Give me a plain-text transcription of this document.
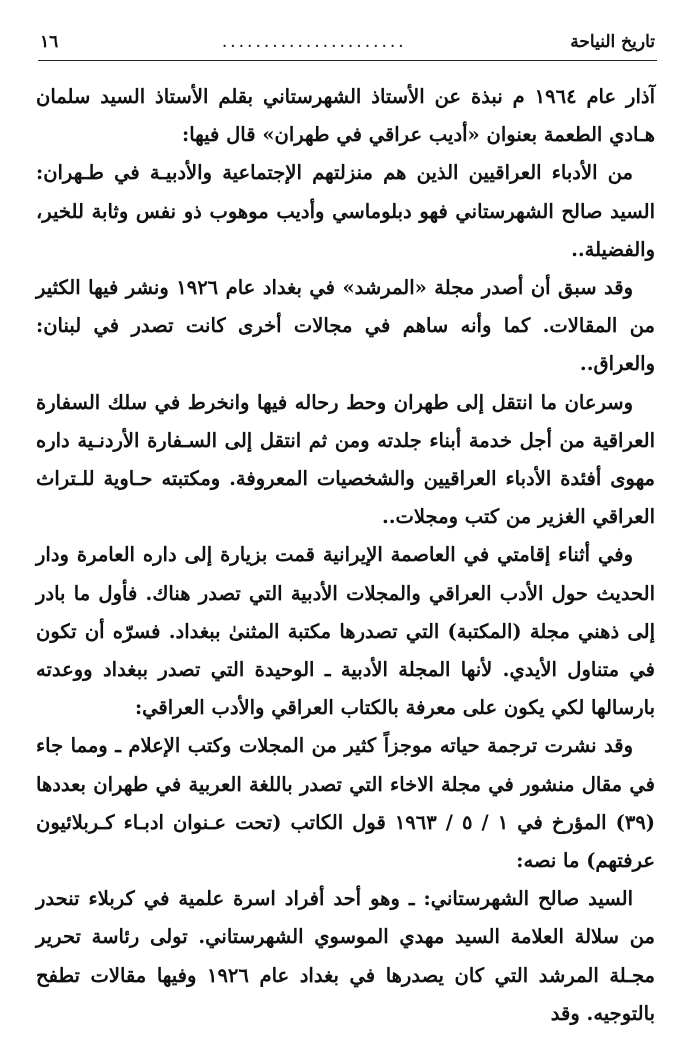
تاريخ النياحة
......................
١٦

آذار عام ١٩٦٤ م نبذة عن الأستاذ الشهرستاني بقلم الأستاذ السيد سلمان هـادي الطعمة بعنوان «أديب عراقي في طهران» قال فيها:

من الأدباء العراقيين الذين هم منزلتهم الإجتماعية والأدبيـة في طـهران: السيد صالح الشهرستاني فهو دبلوماسي وأديب موهوب ذو نفس وثابة للخير، والفضيلة..

وقد سبق أن أصدر مجلة «المرشد» في بغداد عام ١٩٢٦ ونشر فيها الكثير من المقالات. كما وأنه ساهم في مجالات أخرى كانت تصدر في لبنان: والعراق..

وسرعان ما انتقل إلى طهران وحط رحاله فيها وانخرط في سلك السفارة العراقية من أجل خدمة أبناء جلدته ومن ثم انتقل إلى السـفارة الأردنـية داره مهوى أفئدة الأدباء العراقيين والشخصيات المعروفة. ومكتبته حـاوية للـتراث العراقي الغزير من كتب ومجلات..

وفي أثناء إقامتي في العاصمة الإيرانية قمت بزيارة إلى داره العامرة ودار الحديث حول الأدب العراقي والمجلات الأدبية التي تصدر هناك. فأول ما بادر إلى ذهني مجلة (المكتبة) التي تصدرها مكتبة المثنىٰ ببغداد. فسرّه أن تكون في متناول الأيدي. لأنها المجلة الأدبية ـ الوحيدة التي تصدر ببغداد ووعدته بارسالها لكي يكون على معرفة بالكتاب العراقي والأدب العراقي:

وقد نشرت ترجمة حياته موجزاً كثير من المجلات وكتب الإعلام ـ ومما جاء في مقال منشور في مجلة الاخاء التي تصدر باللغة العربية في طهران بعددها (٣٩) المؤرخ في ١ / ٥ / ١٩٦٣ قول الكاتب (تحت عـنوان ادبـاء كـربلائيون عرفتهم) ما نصه:

السيد صالح الشهرستاني: ـ وهو أحد أفراد اسرة علمية في كربلاء تنحدر من سلالة العلامة السيد مهدي الموسوي الشهرستاني. تولى رئاسة تحرير مجـلة المرشد التي كان يصدرها في بغداد عام ١٩٢٦ وفيها مقالات تطفح بالتوجيه. وقد
